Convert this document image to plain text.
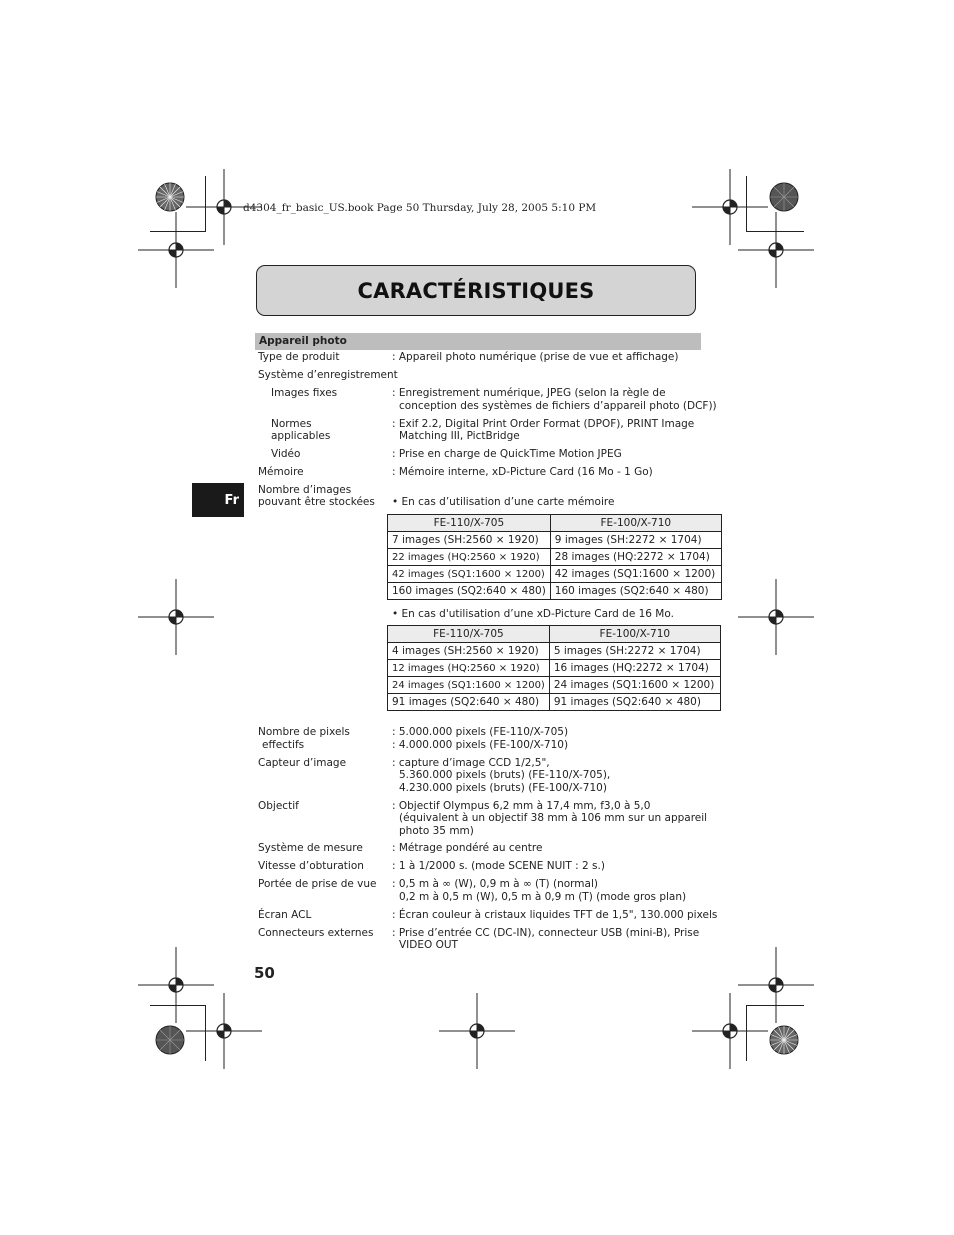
d4304_fr_basic_US.book Page 50 Thursday, July 28, 2005 5:10 PM
CARACTÉRISTIQUES
Fr
Appareil photo
Type de produit	: Appareil photo numérique (prise de vue et affichage)
Système d’enregistrement
Images fixes	: Enregistrement numérique, JPEG (selon la règle de
conception des systèmes de fichiers d’appareil photo (DCF))
Normes
applicables
: Exif 2.2, Digital Print Order Format (DPOF), PRINT Image
Matching III, PictBridge
Vidéo	: Prise en charge de QuickTime Motion JPEG
Mémoire	: Mémoire interne, xD-Picture Card (16 Mo - 1 Go)
Nombre d’images
pouvant être stockées • En cas d’utilisation d’une carte mémoire
FE-110/X-705	FE-100/X-710
7 images (SH:2560 × 1920)	9 images (SH:2272 × 1704)
22 images (HQ:2560 × 1920)	28 images (HQ:2272 × 1704)
42 images (SQ1:1600 × 1200)	42 images (SQ1:1600 × 1200)
160 images (SQ2:640 × 480)	160 images (SQ2:640 × 480)
• En cas d'utilisation d’une xD-Picture Card de 16 Mo.
FE-110/X-705	FE-100/X-710
4 images (SH:2560 × 1920)	5 images (SH:2272 × 1704)
12 images (HQ:2560 × 1920)	16 images (HQ:2272 × 1704)
24 images (SQ1:1600 × 1200)	24 images (SQ1:1600 × 1200)
91 images (SQ2:640 × 480)	91 images (SQ2:640 × 480)
Nombre de pixels
effectifs
: 5.000.000 pixels (FE-110/X-705)
: 4.000.000 pixels (FE-100/X-710)
Capteur d’image	: capture d’image CCD 1/2,5",
5.360.000 pixels (bruts) (FE-110/X-705),
4.230.000 pixels (bruts) (FE-100/X-710)
Objectif	: Objectif Olympus 6,2 mm à 17,4 mm, f3,0 à 5,0
(équivalent à un objectif 38 mm à 106 mm sur un appareil
photo 35 mm)
Système de mesure	: Métrage pondéré au centre
Vitesse d’obturation	: 1 à 1/2000 s. (mode SCENE NUIT : 2 s.)
Portée de prise de vue : 0,5 m à ∞ (W), 0,9 m à ∞ (T) (normal)
0,2 m à 0,5 m (W), 0,5 m à 0,9 m (T) (mode gros plan)
Écran ACL	: Écran couleur à cristaux liquides TFT de 1,5", 130.000 pixels
Connecteurs externes : Prise d’entrée CC (DC-IN), connecteur USB (mini-B), Prise
VIDEO OUT
50
